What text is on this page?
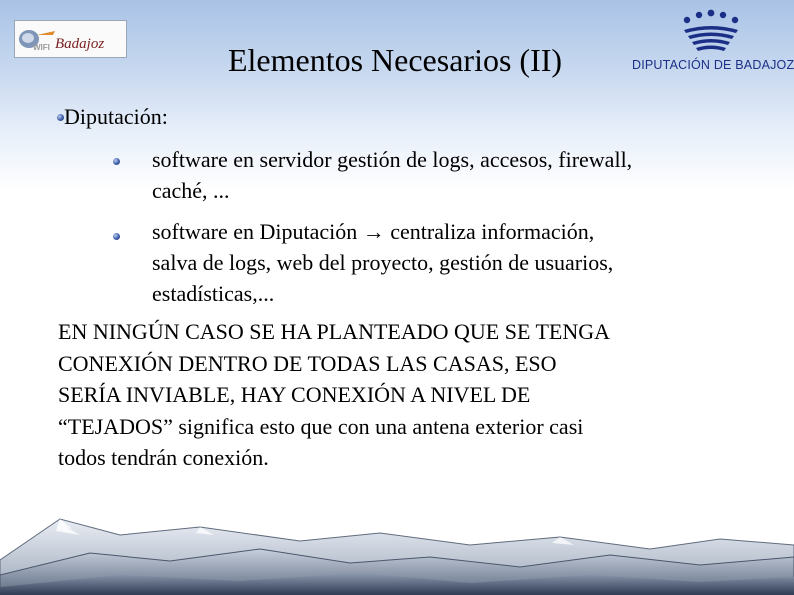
WIFI Badajoz	Elementos Necesarios (II)	DIPUTACIÓN DE BADAJOZ
Diputación:
software en servidor gestión de logs, accesos, firewall,
caché, ...
software en Diputación → centraliza información,
salva de logs, web del proyecto, gestión de usuarios,
estadísticas,...
EN NINGÚN CASO SE HA PLANTEADO QUE SE TENGA
CONEXIÓN DENTRO DE TODAS LAS CASAS, ESO
SERÍA INVIABLE, HAY CONEXIÓN A NIVEL DE
“TEJADOS” significa esto que con una antena exterior casi
todos tendrán conexión.
